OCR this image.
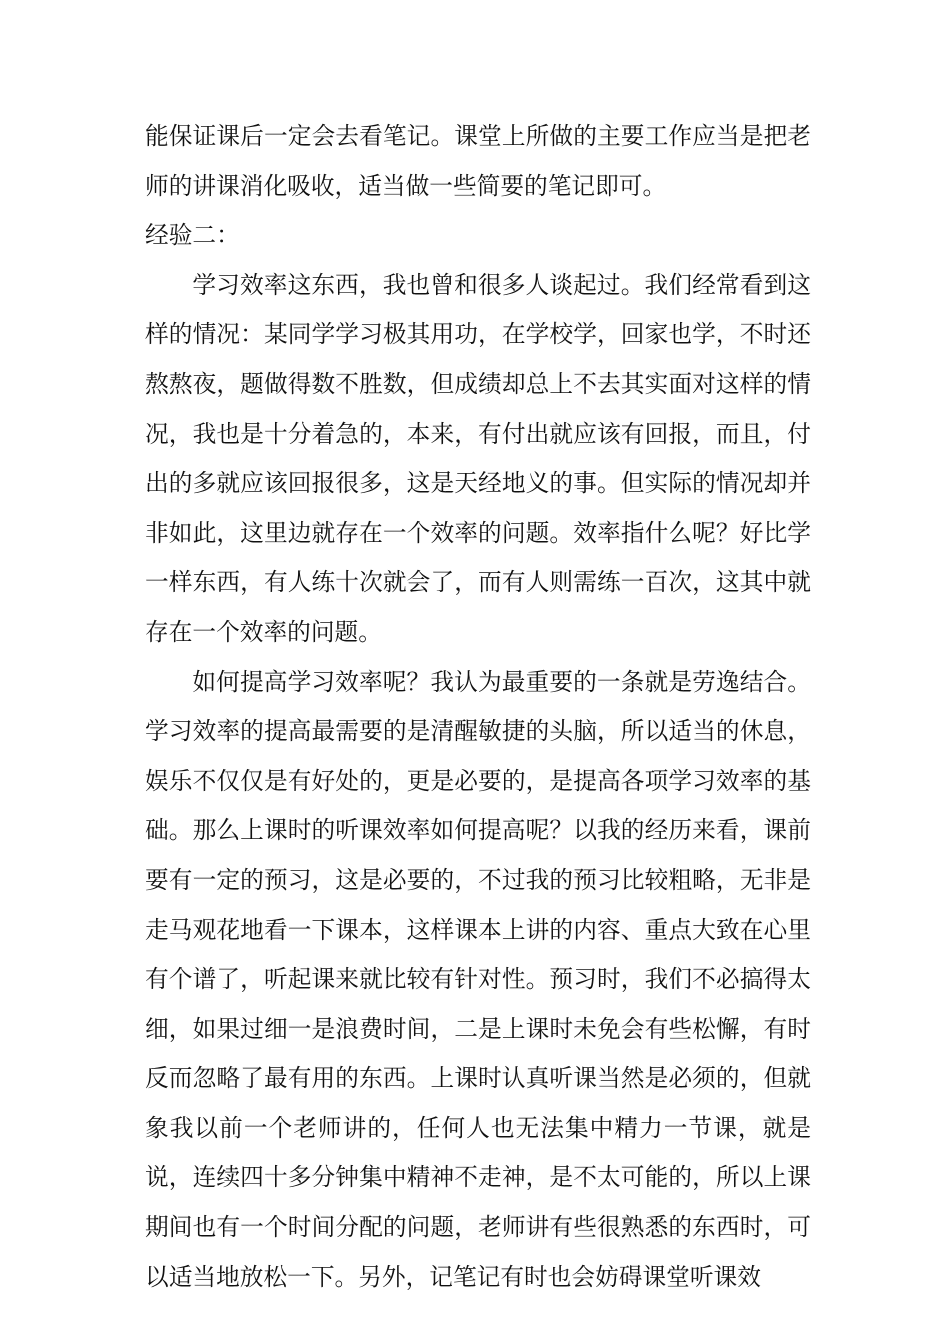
能保证课后一定会去看笔记。课堂上所做的主要工作应当是把老师的讲课消化吸收，适当做一些简要的笔记即可。

经验二：

学习效率这东西，我也曾和很多人谈起过。我们经常看到这样的情况：某同学学习极其用功，在学校学，回家也学，不时还熬熬夜，题做得数不胜数，但成绩却总上不去其实面对这样的情况，我也是十分着急的，本来，有付出就应该有回报，而且，付出的多就应该回报很多，这是天经地义的事。但实际的情况却并非如此，这里边就存在一个效率的问题。效率指什么呢？好比学一样东西，有人练十次就会了，而有人则需练一百次，这其中就存在一个效率的问题。

如何提高学习效率呢？我认为最重要的一条就是劳逸结合。学习效率的提高最需要的是清醒敏捷的头脑，所以适当的休息，娱乐不仅仅是有好处的，更是必要的，是提高各项学习效率的基础。那么上课时的听课效率如何提高呢？以我的经历来看，课前要有一定的预习，这是必要的，不过我的预习比较粗略，无非是走马观花地看一下课本，这样课本上讲的内容、重点大致在心里有个谱了，听起课来就比较有针对性。预习时，我们不必搞得太细，如果过细一是浪费时间，二是上课时未免会有些松懈，有时反而忽略了最有用的东西。上课时认真听课当然是必须的，但就象我以前一个老师讲的，任何人也无法集中精力一节课，就是说，连续四十多分钟集中精神不走神，是不太可能的，所以上课期间也有一个时间分配的问题，老师讲有些很熟悉的东西时，可以适当地放松一下。另外，记笔记有时也会妨碍课堂听课效
